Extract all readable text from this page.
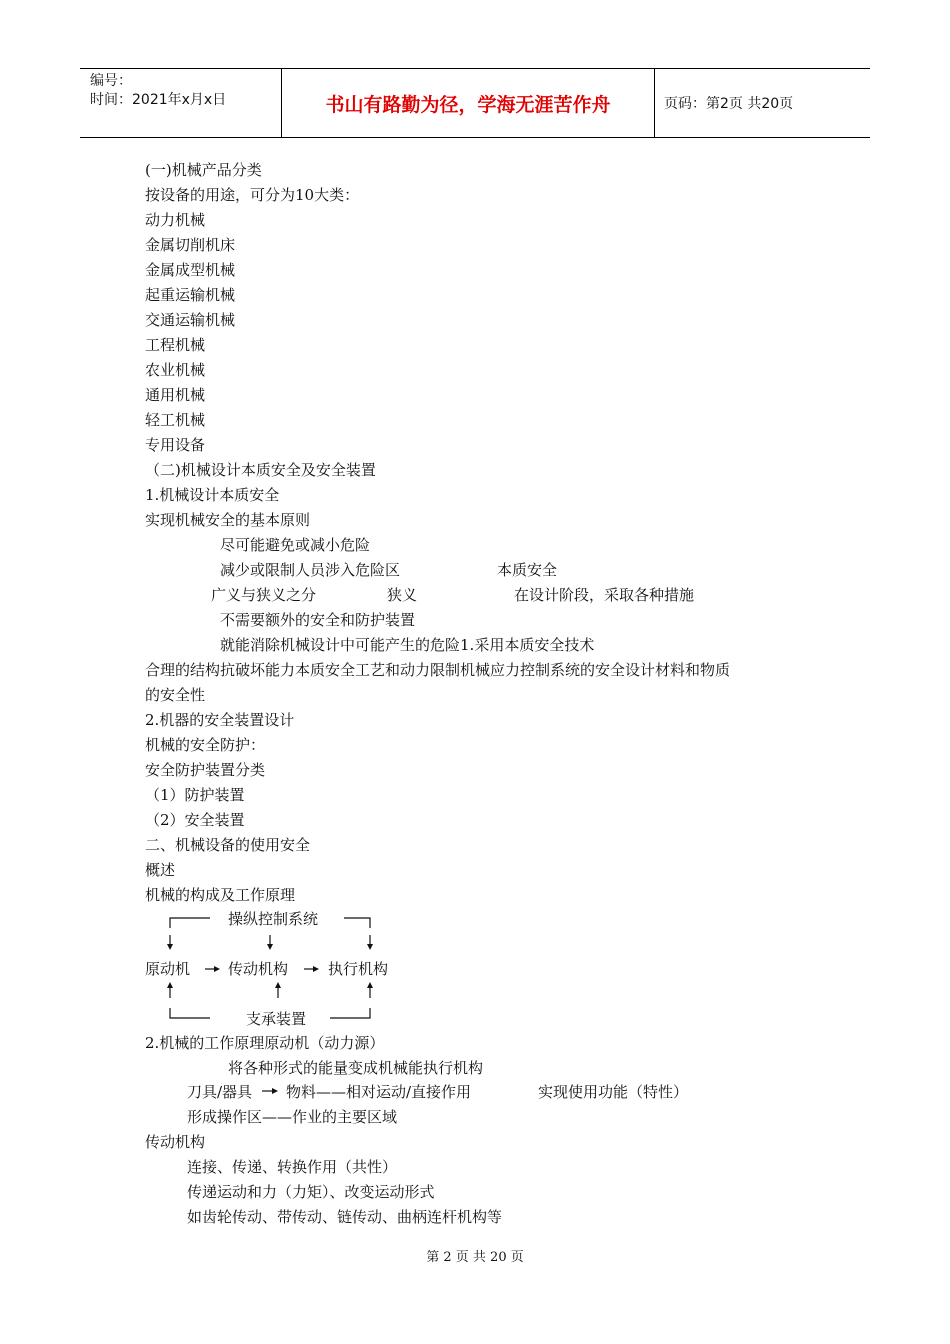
编号：
时间：2021年x月x日	书山有路勤为径，学海无涯苦作舟	页码：第2页 共20页
(一)机械产品分类
按设备的用途，可分为10大类：
动力机械
金属切削机床
金属成型机械
起重运输机械
交通运输机械
工程机械
农业机械
通用机械
轻工机械
专用设备
（二)机械设计本质安全及安全装置
1.机械设计本质安全
实现机械安全的基本原则
尽可能避免或减小危险
减少或限制人员涉入危险区	本质安全
广义与狭义之分	狭义	在设计阶段，采取各种措施
不需要额外的安全和防护装置
就能消除机械设计中可能产生的危险1.采用本质安全技术
合理的结构抗破坏能力本质安全工艺和动力限制机械应力控制系统的安全设计材料和物质
的安全性
2.机器的安全装置设计
机械的安全防护：
安全防护装置分类
（1）防护装置
（2）安全装置
二、机械设备的使用安全
概述
机械的构成及工作原理
操纵控制系统
原动机	传动机构	执行机构
支承装置
2.机械的工作原理原动机（动力源）
将各种形式的能量变成机械能执行机构
刀具/器具 物料——相对运动/直接作用	实现使用功能（特性）
形成操作区——作业的主要区域
传动机构
连接、传递、转换作用（共性）
传递运动和力（力矩）、改变运动形式
如齿轮传动、带传动、链传动、曲柄连杆机构等
第 2 页 共 20 页
